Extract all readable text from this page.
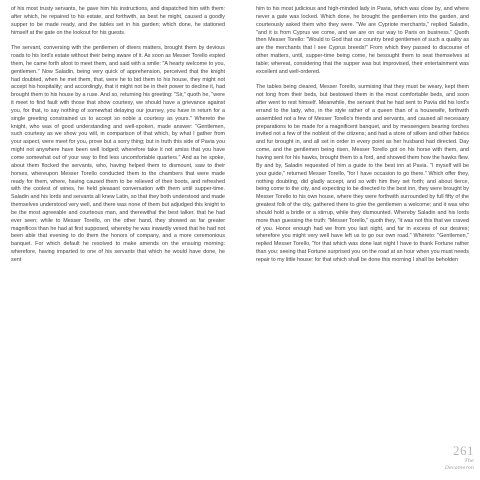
of his most trusty servants, he gave him his instructions, and dispatched him with them: after which, he repaired to his estate, and forthwith, as best he might, caused a goodly supper to be made ready, and the tables set in his garden; which done, he stationed himself at the gate on the lookout for his guests.

The servant, conversing with the gentlemen of divers matters, brought them by devious roads to his lord's estate without their being aware of it. As soon as Messer Torello espied them, he came forth afoot to meet them, and said with a smile: "A hearty welcome to you, gentlemen." Now Saladin, being very quick of apprehension, perceived that the knight had doubted, when he met them, that, were he to bid them to his house, they might not accept his hospitality; and accordingly, that it might not be in their power to decline it, had brought them to his house by a ruse. And so, returning his greeting: "Sir," quoth he, "were it meet to find fault with those that show courtesy, we should have a grievance against you, for that, to say nothing of somewhat delaying our journey, you have in return for a single greeting constrained us to accept so noble a courtesy as yours." Whereto the knight, who was of good understanding and well-spoken, made answer: "Gentlemen, such courtesy as we show you will, in comparison of that which, by what I gather from your aspect, were meet for you, prove but a sorry thing; but in truth this side of Pavia you might not anywhere have been well lodged; wherefore take it not amiss that you have come somewhat out of your way to find less uncomfortable quarters." And as he spoke, about them flocked the servants, who, having helped them to dismount, saw to their horses, whereupon Messer Torello conducted them to the chambers that were made ready for them, where, having caused them to be relieved of their boots, and refreshed with the coolest of wines, he held pleasant conversation with them until supper-time. Saladin and his lords and servants all knew Latin, so that they both understood and made themselves understood very well, and there was none of them but adjudged this knight to be the most agreeable and courteous man, and therewithal the best talker, that he had ever seen; while to Messer Torello, on the other hand, they showed as far greater magnificos than he had at first supposed, whereby he was inwardly vexed that he had not been able that evening to do them the honors of company, and a more ceremonious banquet. For which default he resolved to make amends on the ensuing morning: wherefore, having imparted to one of his servants that which he would have done, he sent

him to his most judicious and high-minded lady in Pavia, which was close by, and where never a gate was locked. Which done, he brought the gentlemen into the garden, and courteously asked them who they were. "We are Cypriote merchants," replied Saladin, "and it is from Cyprus we come, and we are on our way to Paris on business." Quoth then Messer Torello: "Would to God that our country bred gentlemen of such a quality as are the merchants that I see Cyprus breeds!" From which they passed to discourse of other matters, until, supper-time being come, he besought them to seat themselves at table; whereat, considering that the supper was but improvised, their entertainment was excellent and well-ordered.

The tables being cleared, Messer Torello, surmising that they must be weary, kept them not long from their beds, but bestowed them in the most comfortable beds, and soon after went to rest himself. Meanwhile, the servant that he had sent to Pavia did his lord's errand to the lady, who, in the style rather of a queen than of a housewife, forthwith assembled not a few of Messer Torello's friends and servants, and caused all necessary preparations to be made for a magnificent banquet, and by messengers bearing torches invited not a few of the noblest of the citizens; and had a store of silken and other fabrics and fur brought in, and all set in order in every point as her husband had directed. Day come, and the gentlemen being risen, Messer Torello got on his horse with them, and having sent for his hawks, brought them to a ford, and showed them how the hawks flew. By and by, Saladin requested of him a guide to the best inn at Pavia. "I myself will be your guide," returned Messer Torello, "for I have occasion to go there." Which offer they, nothing doubting, did gladly accept, and so with him they set forth; and about tierce, being come to the city, and expecting to be directed to the best inn, they were brought by Messer Torello to his own house, where they were forthwith surrounded by full fifty of the greatest folk of the city, gathered there to give the gentlemen a welcome; and it was who should hold a bridle or a stirrup, while they dismounted. Whereby Saladin and his lords more than guessing the truth: "Messer Torello," quoth they, "it was not this that we craved of you. Honor enough had we from you last night, and far in excess of our desires; wherefore you might very well have left us to go our own road." Whereto: "Gentlemen," replied Messer Torello, "for that which was done last night I have to thank Fortune rather than you: seeing that Fortune surprised you on the road at an hour when you must needs repair to my little house: for that which shall be done this morning I shall be beholden

261
The Decameron
